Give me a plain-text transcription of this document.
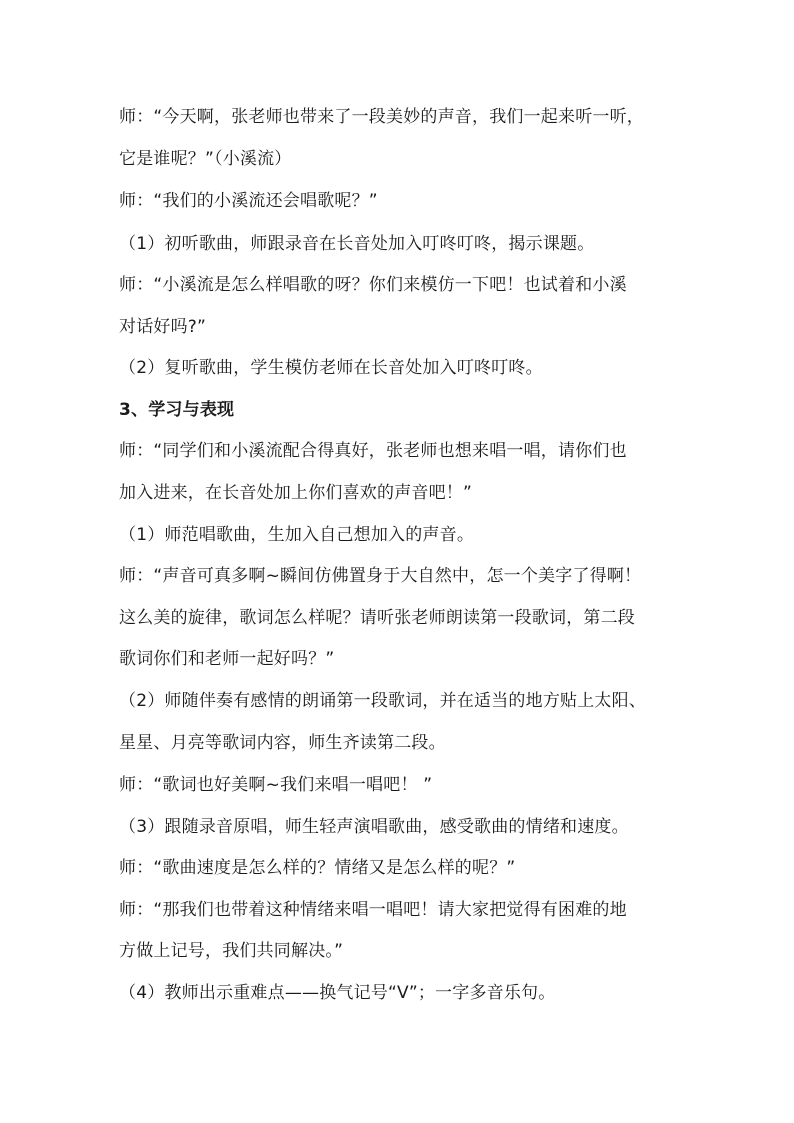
师：“今天啊，张老师也带来了一段美妙的声音，我们一起来听一听，
它是谁呢？”（小溪流）
师：“我们的小溪流还会唱歌呢？”
（1）初听歌曲，师跟录音在长音处加入叮咚叮咚，揭示课题。
师：“小溪流是怎么样唱歌的呀？你们来模仿一下吧！也试着和小溪
对话好吗?”
（2）复听歌曲，学生模仿老师在长音处加入叮咚叮咚。
3、学习与表现
师：“同学们和小溪流配合得真好，张老师也想来唱一唱，请你们也
加入进来，在长音处加上你们喜欢的声音吧！”
（1）师范唱歌曲，生加入自己想加入的声音。
师：“声音可真多啊~瞬间仿佛置身于大自然中，怎一个美字了得啊！
这么美的旋律，歌词怎么样呢？请听张老师朗读第一段歌词，第二段
歌词你们和老师一起好吗？”
（2）师随伴奏有感情的朗诵第一段歌词，并在适当的地方贴上太阳、
星星、月亮等歌词内容，师生齐读第二段。
师：“歌词也好美啊~我们来唱一唱吧！ ”
（3）跟随录音原唱，师生轻声演唱歌曲，感受歌曲的情绪和速度。
师：“歌曲速度是怎么样的？情绪又是怎么样的呢？”
师：“那我们也带着这种情绪来唱一唱吧！请大家把觉得有困难的地
方做上记号，我们共同解决。”
（4）教师出示重难点——换气记号“V”；一字多音乐句。
